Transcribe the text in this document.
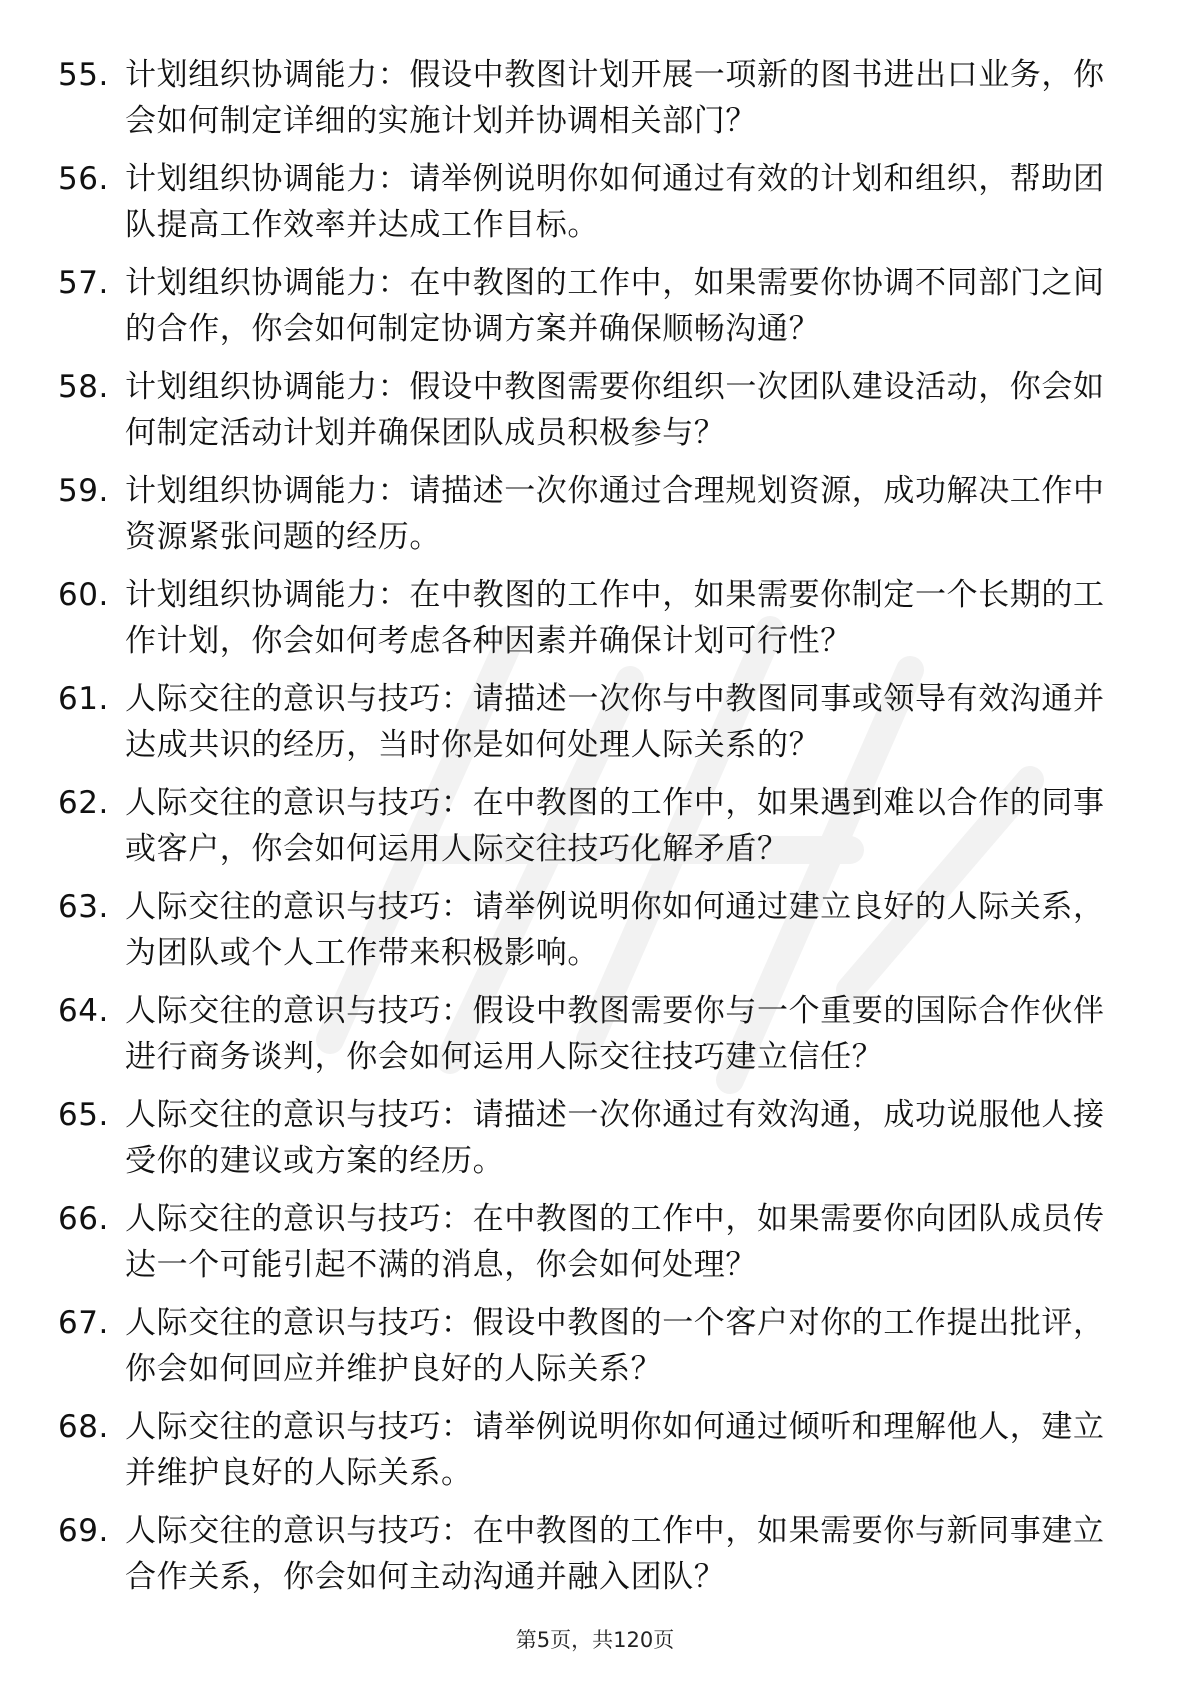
55. 计划组织协调能力：假设中教图计划开展一项新的图书进出口业务，你会如何制定详细的实施计划并协调相关部门？
56. 计划组织协调能力：请举例说明你如何通过有效的计划和组织，帮助团队提高工作效率并达成工作目标。
57. 计划组织协调能力：在中教图的工作中，如果需要你协调不同部门之间的合作，你会如何制定协调方案并确保顺畅沟通？
58. 计划组织协调能力：假设中教图需要你组织一次团队建设活动，你会如何制定活动计划并确保团队成员积极参与？
59. 计划组织协调能力：请描述一次你通过合理规划资源，成功解决工作中资源紧张问题的经历。
60. 计划组织协调能力：在中教图的工作中，如果需要你制定一个长期的工作计划，你会如何考虑各种因素并确保计划可行性？
61. 人际交往的意识与技巧：请描述一次你与中教图同事或领导有效沟通并达成共识的经历，当时你是如何处理人际关系的？
62. 人际交往的意识与技巧：在中教图的工作中，如果遇到难以合作的同事或客户，你会如何运用人际交往技巧化解矛盾？
63. 人际交往的意识与技巧：请举例说明你如何通过建立良好的人际关系，为团队或个人工作带来积极影响。
64. 人际交往的意识与技巧：假设中教图需要你与一个重要的国际合作伙伴进行商务谈判，你会如何运用人际交往技巧建立信任？
65. 人际交往的意识与技巧：请描述一次你通过有效沟通，成功说服他人接受你的建议或方案的经历。
66. 人际交往的意识与技巧：在中教图的工作中，如果需要你向团队成员传达一个可能引起不满的消息，你会如何处理？
67. 人际交往的意识与技巧：假设中教图的一个客户对你的工作提出批评，你会如何回应并维护良好的人际关系？
68. 人际交往的意识与技巧：请举例说明你如何通过倾听和理解他人，建立并维护良好的人际关系。
69. 人际交往的意识与技巧：在中教图的工作中，如果需要你与新同事建立合作关系，你会如何主动沟通并融入团队？
第5页，共120页
